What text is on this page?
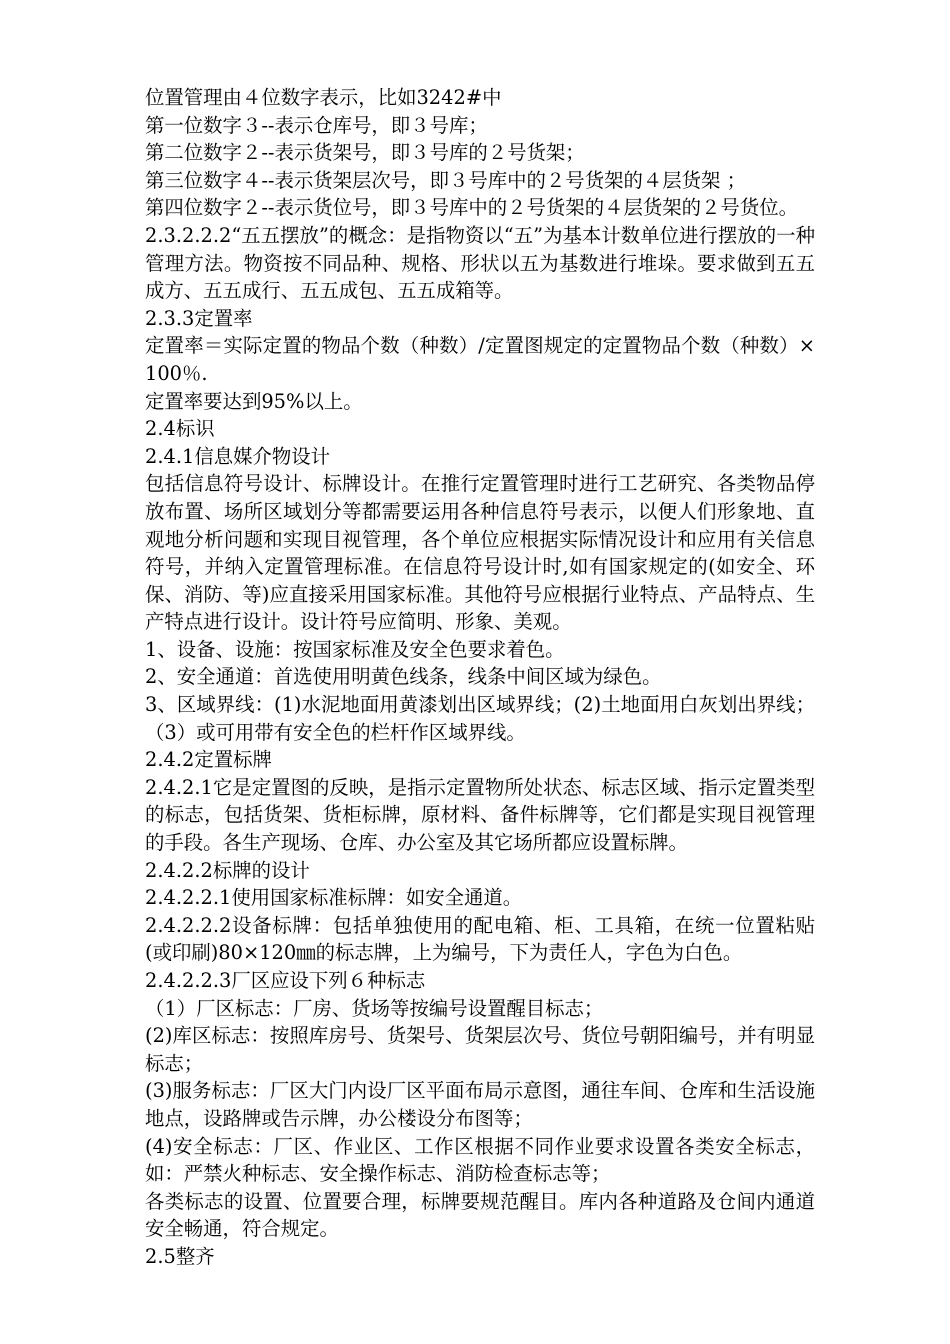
位置管理由４位数字表示，比如3242#中

第一位数字３--表示仓库号，即３号库；

第二位数字２--表示货架号，即３号库的２号货架；

第三位数字４--表示货架层次号，即３号库中的２号货架的４层货架 ；

第四位数字２--表示货位号，即３号库中的２号货架的４层货架的２号货位。

2.3.2.2.2“五五摆放”的概念：是指物资以“五”为基本计数单位进行摆放的一种管理方法。物资按不同品种、规格、形状以五为基数进行堆垛。要求做到五五成方、五五成行、五五成包、五五成箱等。

2.3.3定置率

定置率＝实际定置的物品个数（种数）/定置图规定的定置物品个数（种数）×100％.

定置率要达到95%以上。

2.4标识

2.4.1信息媒介物设计

包括信息符号设计、标牌设计。在推行定置管理时进行工艺研究、各类物品停放布置、场所区域划分等都需要运用各种信息符号表示，以便人们形象地、直观地分析问题和实现目视管理，各个单位应根据实际情况设计和应用有关信息符号，并纳入定置管理标准。在信息符号设计时,如有国家规定的(如安全、环保、消防、等)应直接采用国家标准。其他符号应根据行业特点、产品特点、生产特点进行设计。设计符号应简明、形象、美观。

1、设备、设施：按国家标准及安全色要求着色。

2、安全通道：首选使用明黄色线条，线条中间区域为绿色。

3、区域界线：(1)水泥地面用黄漆划出区域界线；(2)土地面用白灰划出界线；（3）或可用带有安全色的栏杆作区域界线。

2.4.2定置标牌

2.4.2.1它是定置图的反映，是指示定置物所处状态、标志区域、指示定置类型的标志，包括货架、货柜标牌，原材料、备件标牌等，它们都是实现目视管理的手段。各生产现场、仓库、办公室及其它场所都应设置标牌。

2.4.2.2标牌的设计

2.4.2.2.1使用国家标准标牌：如安全通道。

2.4.2.2.2设备标牌：包括单独使用的配电箱、柜、工具箱，在统一位置粘贴(或印刷)80×120㎜的标志牌，上为编号，下为责任人，字色为白色。

2.4.2.2.3厂区应设下列６种标志

（1）厂区标志：厂房、货场等按编号设置醒目标志；

(2)库区标志：按照库房号、货架号、货架层次号、货位号朝阳编号，并有明显标志；

(3)服务标志：厂区大门内设厂区平面布局示意图，通往车间、仓库和生活设施地点，设路牌或告示牌，办公楼设分布图等；

(4)安全标志：厂区、作业区、工作区根据不同作业要求设置各类安全标志，如：严禁火种标志、安全操作标志、消防检查标志等；

各类标志的设置、位置要合理，标牌要规范醒目。库内各种道路及仓间内通道安全畅通，符合规定。

2.5整齐
